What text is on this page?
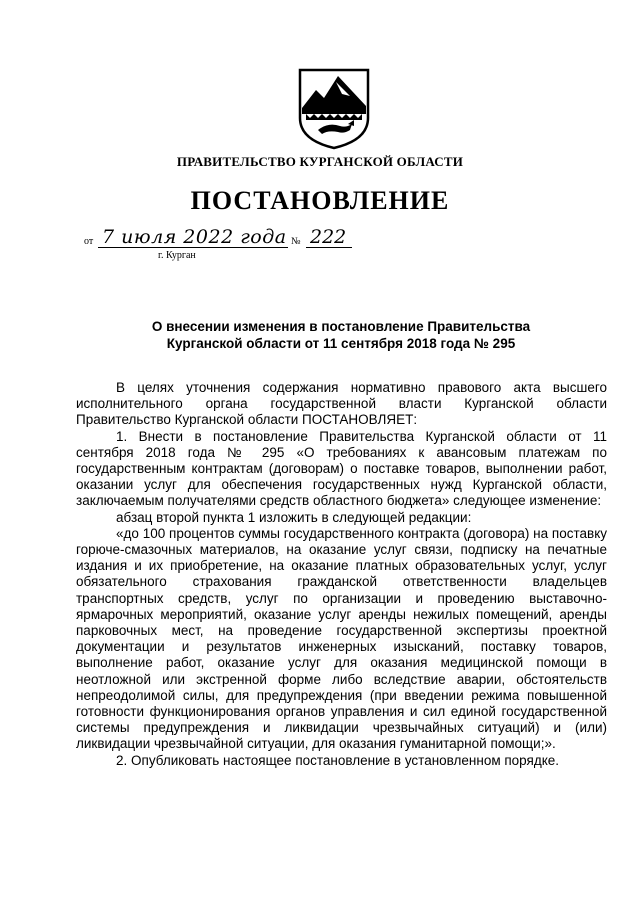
ПРАВИТЕЛЬСТВО КУРГАНСКОЙ ОБЛАСТИ
ПОСТАНОВЛЕНИЕ
от 7 июля 2022 года № 222
г. Курган
О внесении изменения в постановление Правительства
Курганской области от 11 сентября 2018 года № 295

В целях уточнения содержания нормативно правового акта высшего исполнительного органа государственной власти Курганской области Правительство Курганской области ПОСТАНОВЛЯЕТ:

1. Внести в постановление Правительства Курганской области от 11 сентября 2018 года № 295 «О требованиях к авансовым платежам по государственным контрактам (договорам) о поставке товаров, выполнении работ, оказании услуг для обеспечения государственных нужд Курганской области, заключаемым получателями средств областного бюджета» следующее изменение:

абзац второй пункта 1 изложить в следующей редакции:

«до 100 процентов суммы государственного контракта (договора) на поставку горюче-смазочных материалов, на оказание услуг связи, подписку на печатные издания и их приобретение, на оказание платных образовательных услуг, услуг обязательного страхования гражданской ответственности владельцев транспортных средств, услуг по организации и проведению выставочно-ярмарочных мероприятий, оказание услуг аренды нежилых помещений, аренды парковочных мест, на проведение государственной экспертизы проектной документации и результатов инженерных изысканий, поставку товаров, выполнение работ, оказание услуг для оказания медицинской помощи в неотложной или экстренной форме либо вследствие аварии, обстоятельств непреодолимой силы, для предупреждения (при введении режима повышенной готовности функционирования органов управления и сил единой государственной системы предупреждения и ликвидации чрезвычайных ситуаций) и (или) ликвидации чрезвычайной ситуации, для оказания гуманитарной помощи;».

2. Опубликовать настоящее постановление в установленном порядке.
